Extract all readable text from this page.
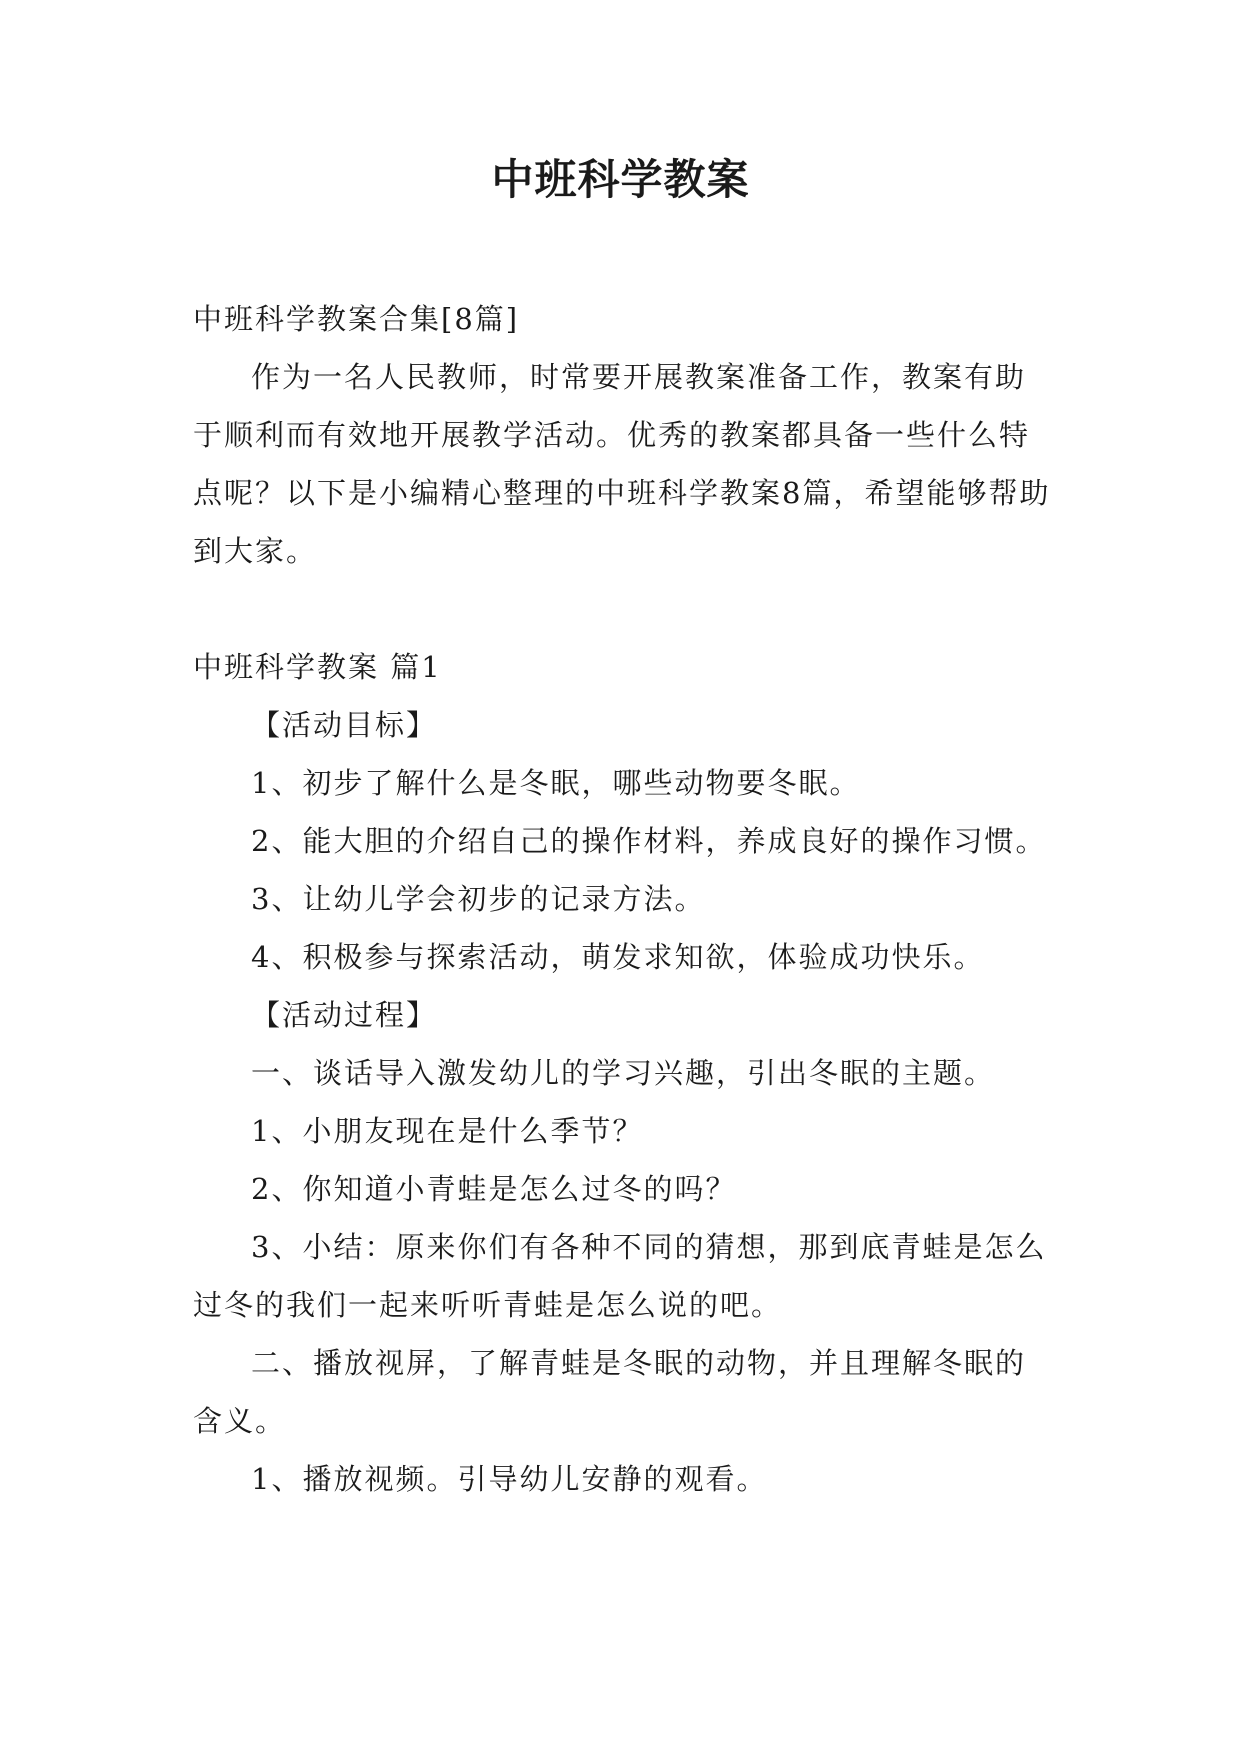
中班科学教案

中班科学教案合集[8篇]

作为一名人民教师，时常要开展教案准备工作，教案有助于顺利而有效地开展教学活动。优秀的教案都具备一些什么特点呢？以下是小编精心整理的中班科学教案8篇，希望能够帮助到大家。

中班科学教案 篇1

【活动目标】

1、初步了解什么是冬眠，哪些动物要冬眠。

2、能大胆的介绍自己的操作材料，养成良好的操作习惯。

3、让幼儿学会初步的记录方法。

4、积极参与探索活动，萌发求知欲，体验成功快乐。

【活动过程】

一、谈话导入激发幼儿的学习兴趣，引出冬眠的主题。

1、小朋友现在是什么季节？

2、你知道小青蛙是怎么过冬的吗？

3、小结：原来你们有各种不同的猜想，那到底青蛙是怎么过冬的我们一起来听听青蛙是怎么说的吧。

二、播放视屏，了解青蛙是冬眠的动物，并且理解冬眠的含义。

1、播放视频。引导幼儿安静的观看。
